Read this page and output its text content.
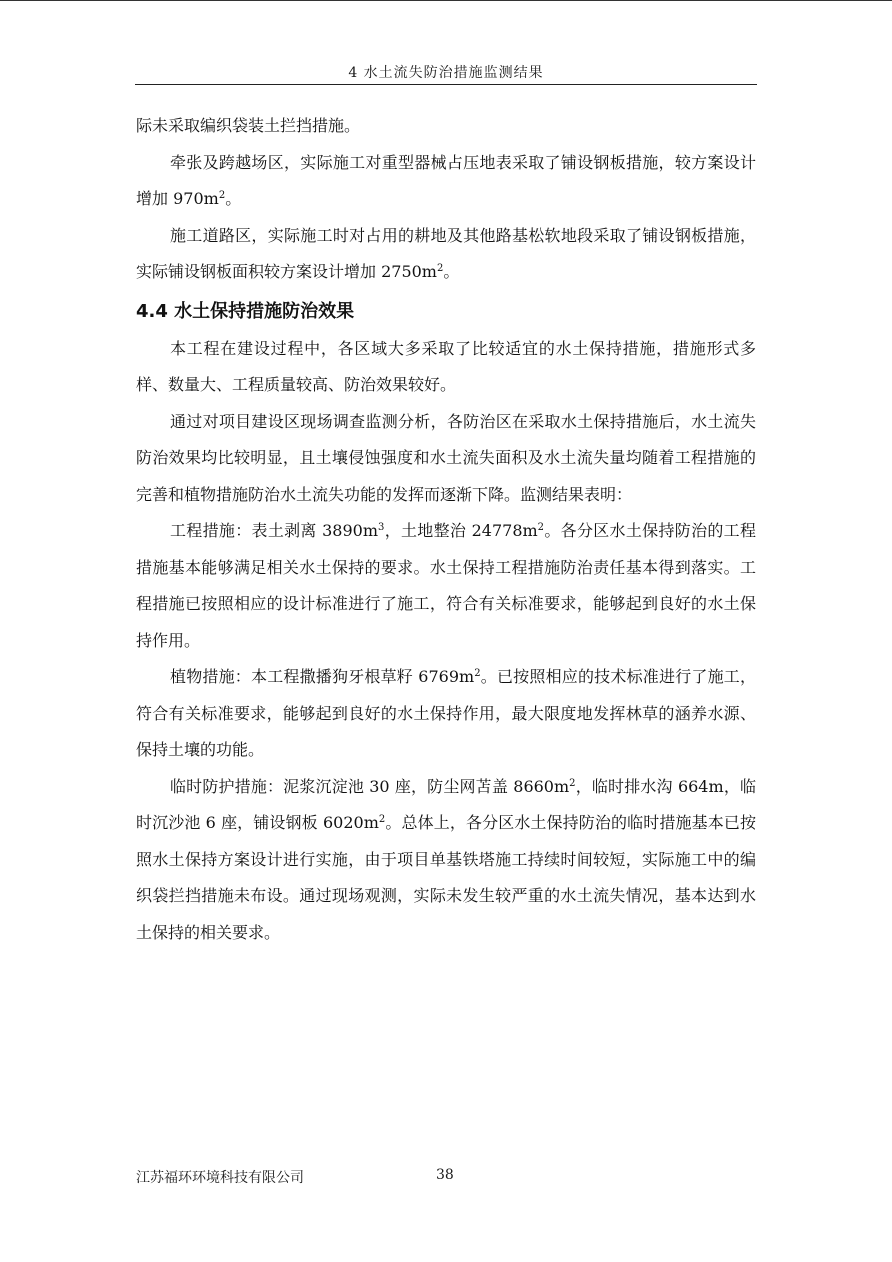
4 水土流失防治措施监测结果

际未采取编织袋装土拦挡措施。

牵张及跨越场区，实际施工对重型器械占压地表采取了铺设钢板措施，较方案设计增加 $970m^2$。

施工道路区，实际施工时对占用的耕地及其他路基松软地段采取了铺设钢板措施，实际铺设钢板面积较方案设计增加 $2750m^2$。

4.4 水土保持措施防治效果

本工程在建设过程中，各区域大多采取了比较适宜的水土保持措施，措施形式多样、数量大、工程质量较高、防治效果较好。

通过对项目建设区现场调查监测分析，各防治区在采取水土保持措施后，水土流失防治效果均比较明显，且土壤侵蚀强度和水土流失面积及水土流失量均随着工程措施的完善和植物措施防治水土流失功能的发挥而逐渐下降。监测结果表明：

工程措施：表土剥离 $3890m^3$，土地整治 $24778m^2$。各分区水土保持防治的工程措施基本能够满足相关水土保持的要求。水土保持工程措施防治责任基本得到落实。工程措施已按照相应的设计标准进行了施工，符合有关标准要求，能够起到良好的水土保持作用。

植物措施：本工程撒播狗牙根草籽 $6769m^2$。已按照相应的技术标准进行了施工，符合有关标准要求，能够起到良好的水土保持作用，最大限度地发挥林草的涵养水源、保持土壤的功能。

临时防护措施：泥浆沉淀池 30 座，防尘网苫盖 $8660m^2$，临时排水沟 664m，临时沉沙池 6 座，铺设钢板 $6020m^2$。总体上，各分区水土保持防治的临时措施基本已按照水土保持方案设计进行实施，由于项目单基铁塔施工持续时间较短，实际施工中的编织袋拦挡措施未布设。通过现场观测，实际未发生较严重的水土流失情况，基本达到水土保持的相关要求。

江苏福环环境科技有限公司	38
